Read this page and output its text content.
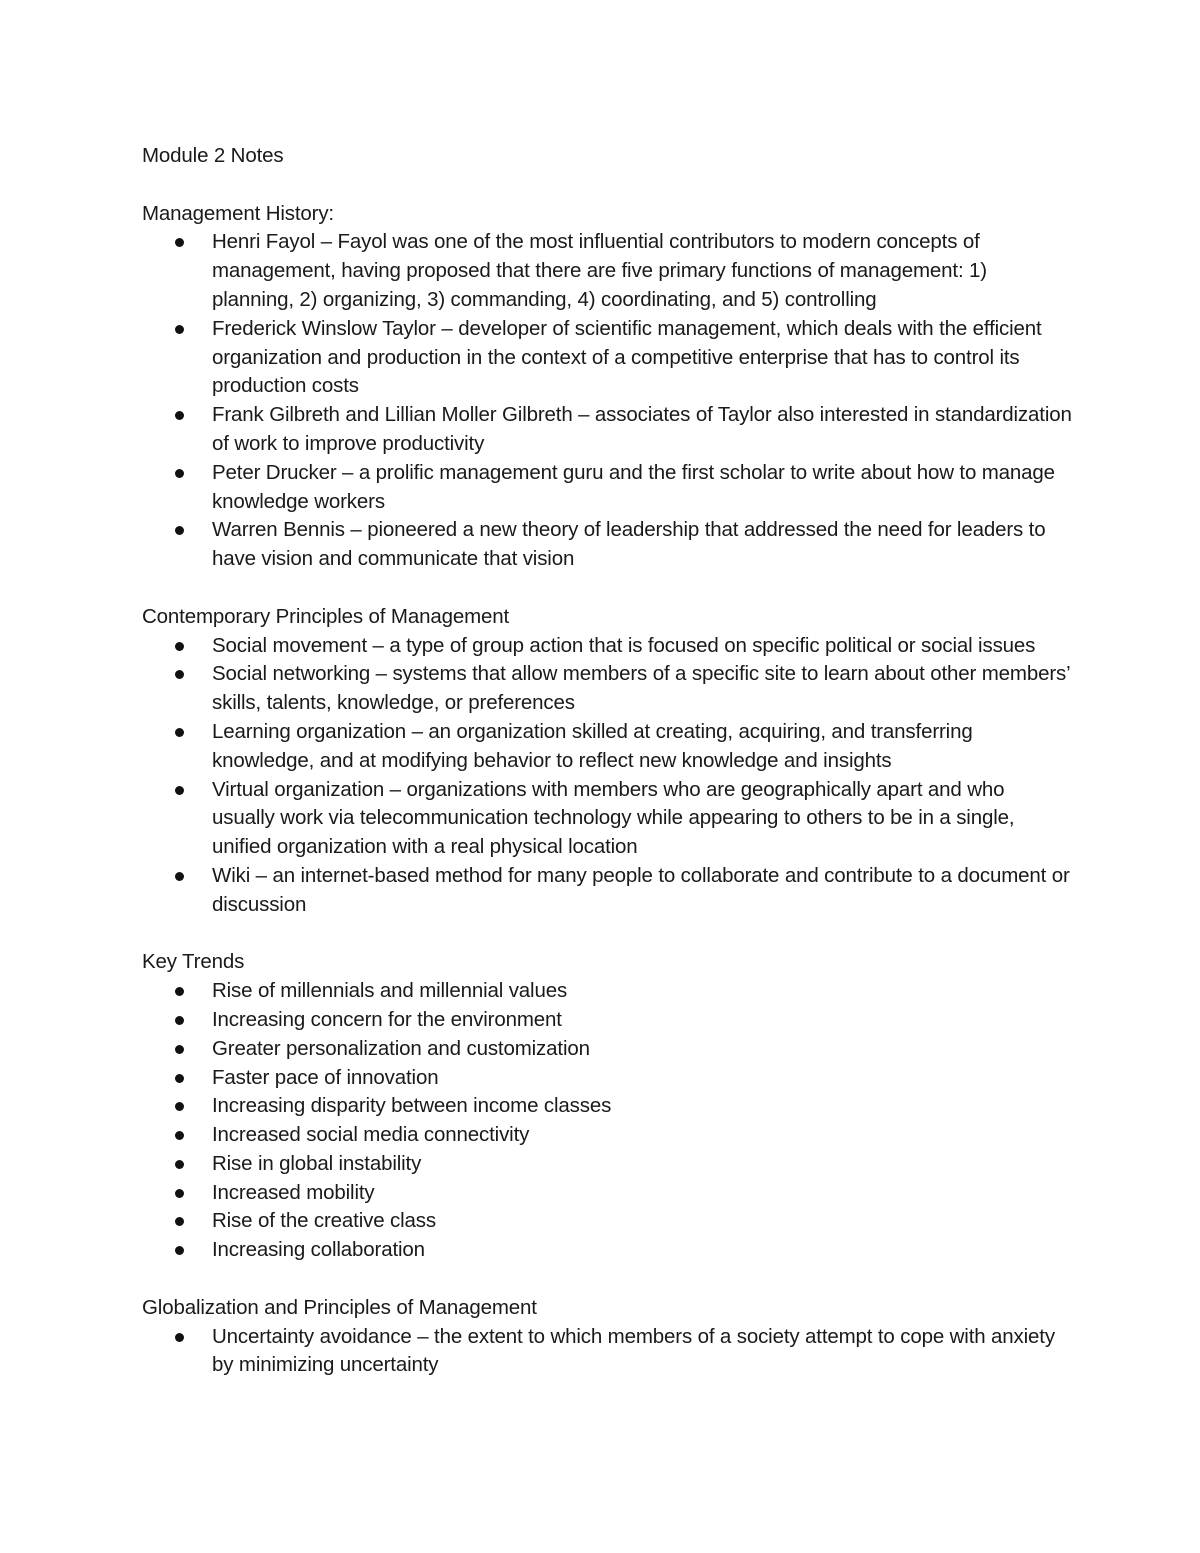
Module 2 Notes

Management History:

Henri Fayol – Fayol was one of the most influential contributors to modern concepts of management, having proposed that there are five primary functions of management: 1) planning, 2) organizing, 3) commanding, 4) coordinating, and 5) controlling
Frederick Winslow Taylor – developer of scientific management, which deals with the efficient organization and production in the context of a competitive enterprise that has to control its production costs
Frank Gilbreth and Lillian Moller Gilbreth – associates of Taylor also interested in standardization of work to improve productivity
Peter Drucker – a prolific management guru and the first scholar to write about how to manage knowledge workers
Warren Bennis – pioneered a new theory of leadership that addressed the need for leaders to have vision and communicate that vision

Contemporary Principles of Management

Social movement – a type of group action that is focused on specific political or social issues
Social networking – systems that allow members of a specific site to learn about other members’ skills, talents, knowledge, or preferences
Learning organization – an organization skilled at creating, acquiring, and transferring knowledge, and at modifying behavior to reflect new knowledge and insights
Virtual organization – organizations with members who are geographically apart and who usually work via telecommunication technology while appearing to others to be in a single, unified organization with a real physical location
Wiki – an internet-based method for many people to collaborate and contribute to a document or discussion

Key Trends

Rise of millennials and millennial values
Increasing concern for the environment
Greater personalization and customization
Faster pace of innovation
Increasing disparity between income classes
Increased social media connectivity
Rise in global instability
Increased mobility
Rise of the creative class
Increasing collaboration

Globalization and Principles of Management

Uncertainty avoidance – the extent to which members of a society attempt to cope with anxiety by minimizing uncertainty
